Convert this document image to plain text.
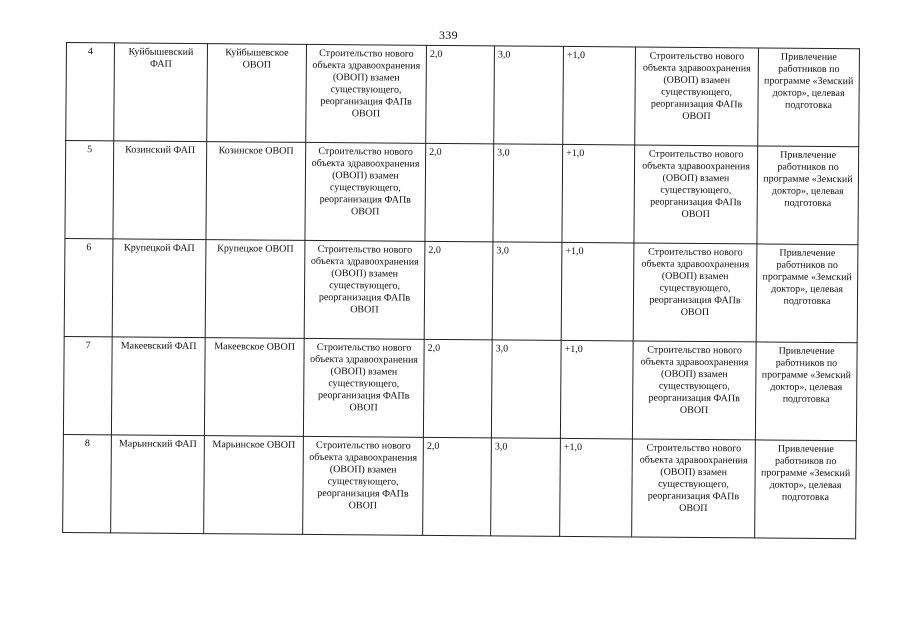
339
4	Куйбышевский ФАП	Куйбышевское ОВОП	Строительство нового объекта здравоохранения (ОВОП) взамен существующего, реорганизация ФАПв ОВОП	2,0	3,0	+1,0	Строительство нового объекта здравоохранения (ОВОП) взамен существующего, реорганизация ФАПв ОВОП	Привлечение работников по программе «Земский доктор», целевая подготовка
5	Козинский ФАП	Козинское ОВОП	Строительство нового объекта здравоохранения (ОВОП) взамен существующего, реорганизация ФАПв ОВОП	2,0	3,0	+1,0	Строительство нового объекта здравоохранения (ОВОП) взамен существующего, реорганизация ФАПв ОВОП	Привлечение работников по программе «Земский доктор», целевая подготовка
6	Крупецкой ФАП	Крупецкое ОВОП	Строительство нового объекта здравоохранения (ОВОП) взамен существующего, реорганизация ФАПв ОВОП	2,0	3,0	+1,0	Строительство нового объекта здравоохранения (ОВОП) взамен существующего, реорганизация ФАПв ОВОП	Привлечение работников по программе «Земский доктор», целевая подготовка
7	Макеевский ФАП	Макеевское ОВОП	Строительство нового объекта здравоохранения (ОВОП) взамен существующего, реорганизация ФАПв ОВОП	2,0	3,0	+1,0	Строительство нового объекта здравоохранения (ОВОП) взамен существующего, реорганизация ФАПв ОВОП	Привлечение работников по программе «Земский доктор», целевая подготовка
8	Марьинский ФАП	Марьинское ОВОП	Строительство нового объекта здравоохранения (ОВОП) взамен существующего, реорганизация ФАПв ОВОП	2,0	3,0	+1,0	Строительство нового объекта здравоохранения (ОВОП) взамен существующего, реорганизация ФАПв ОВОП	Привлечение работников по программе «Земский доктор», целевая подготовка
